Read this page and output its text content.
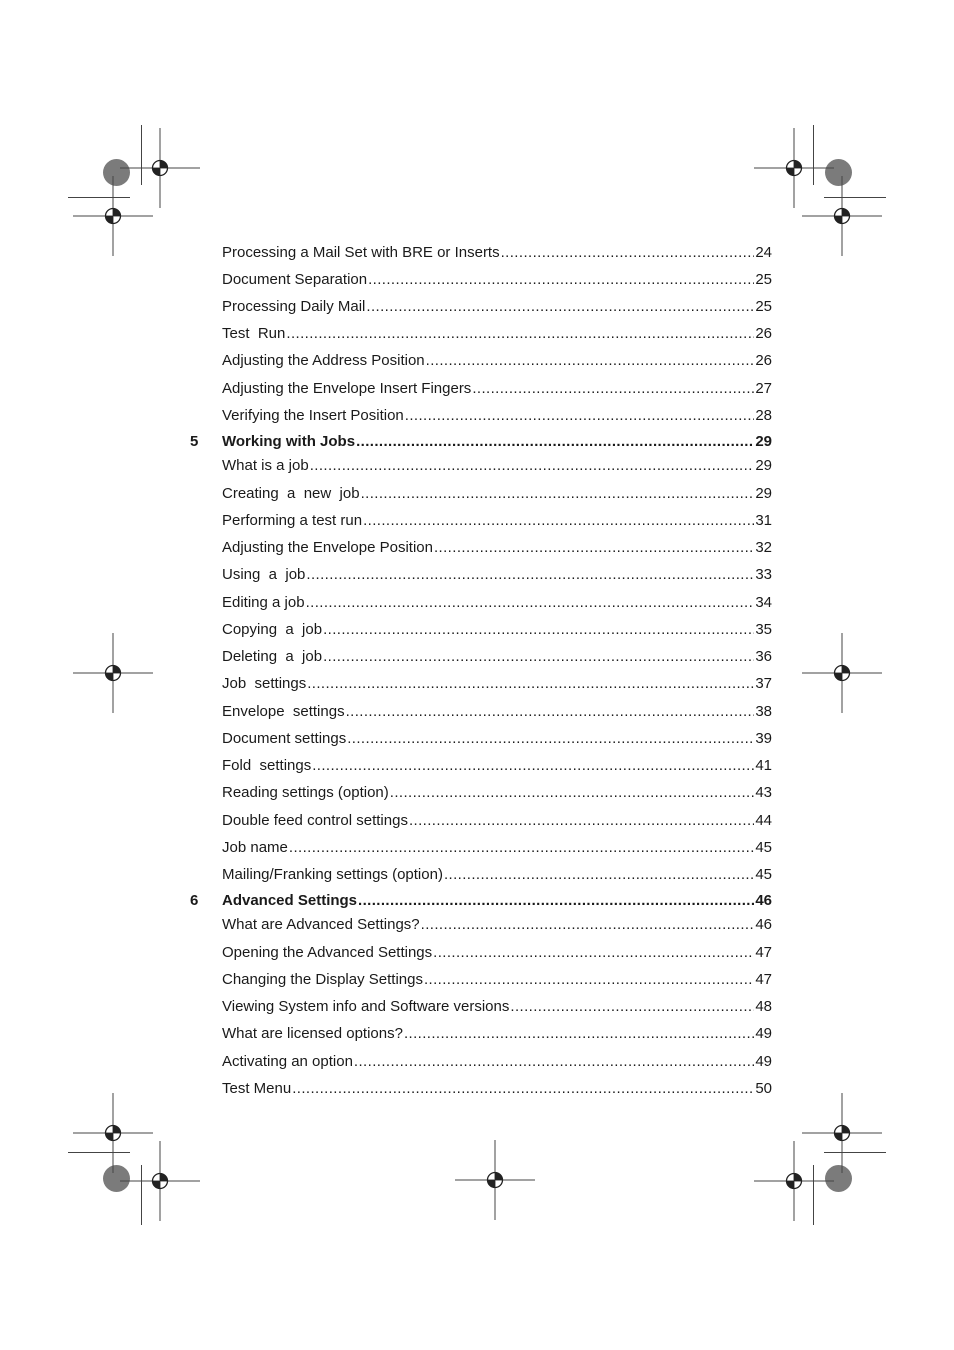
Processing a Mail Set with BRE or Inserts .....	24
Document Separation .....	25
Processing Daily Mail .....	25
Test  Run .....	26
Adjusting the Address Position .....	26
Adjusting the Envelope Insert Fingers .....	27
Verifying the Insert Position .....	28
5 Working with Jobs .....	29
What is a job .....	29
Creating  a  new  job .....	29
Performing a test run .....	31
Adjusting the Envelope Position .....	32
Using  a  job .....	33
Editing a job .....	34
Copying  a  job .....	35
Deleting  a  job .....	36
Job  settings .....	37
Envelope  settings .....	38
Document settings .....	39
Fold  settings .....	41
Reading settings (option) .....	43
Double feed control settings .....	44
Job name .....	45
Mailing/Franking settings (option) .....	45
6 Advanced Settings .....	46
What are Advanced Settings? .....	46
Opening the Advanced Settings .....	47
Changing the Display Settings .....	47
Viewing System info and Software versions .....	48
What are licensed options? .....	49
Activating an option .....	49
Test Menu .....	50
